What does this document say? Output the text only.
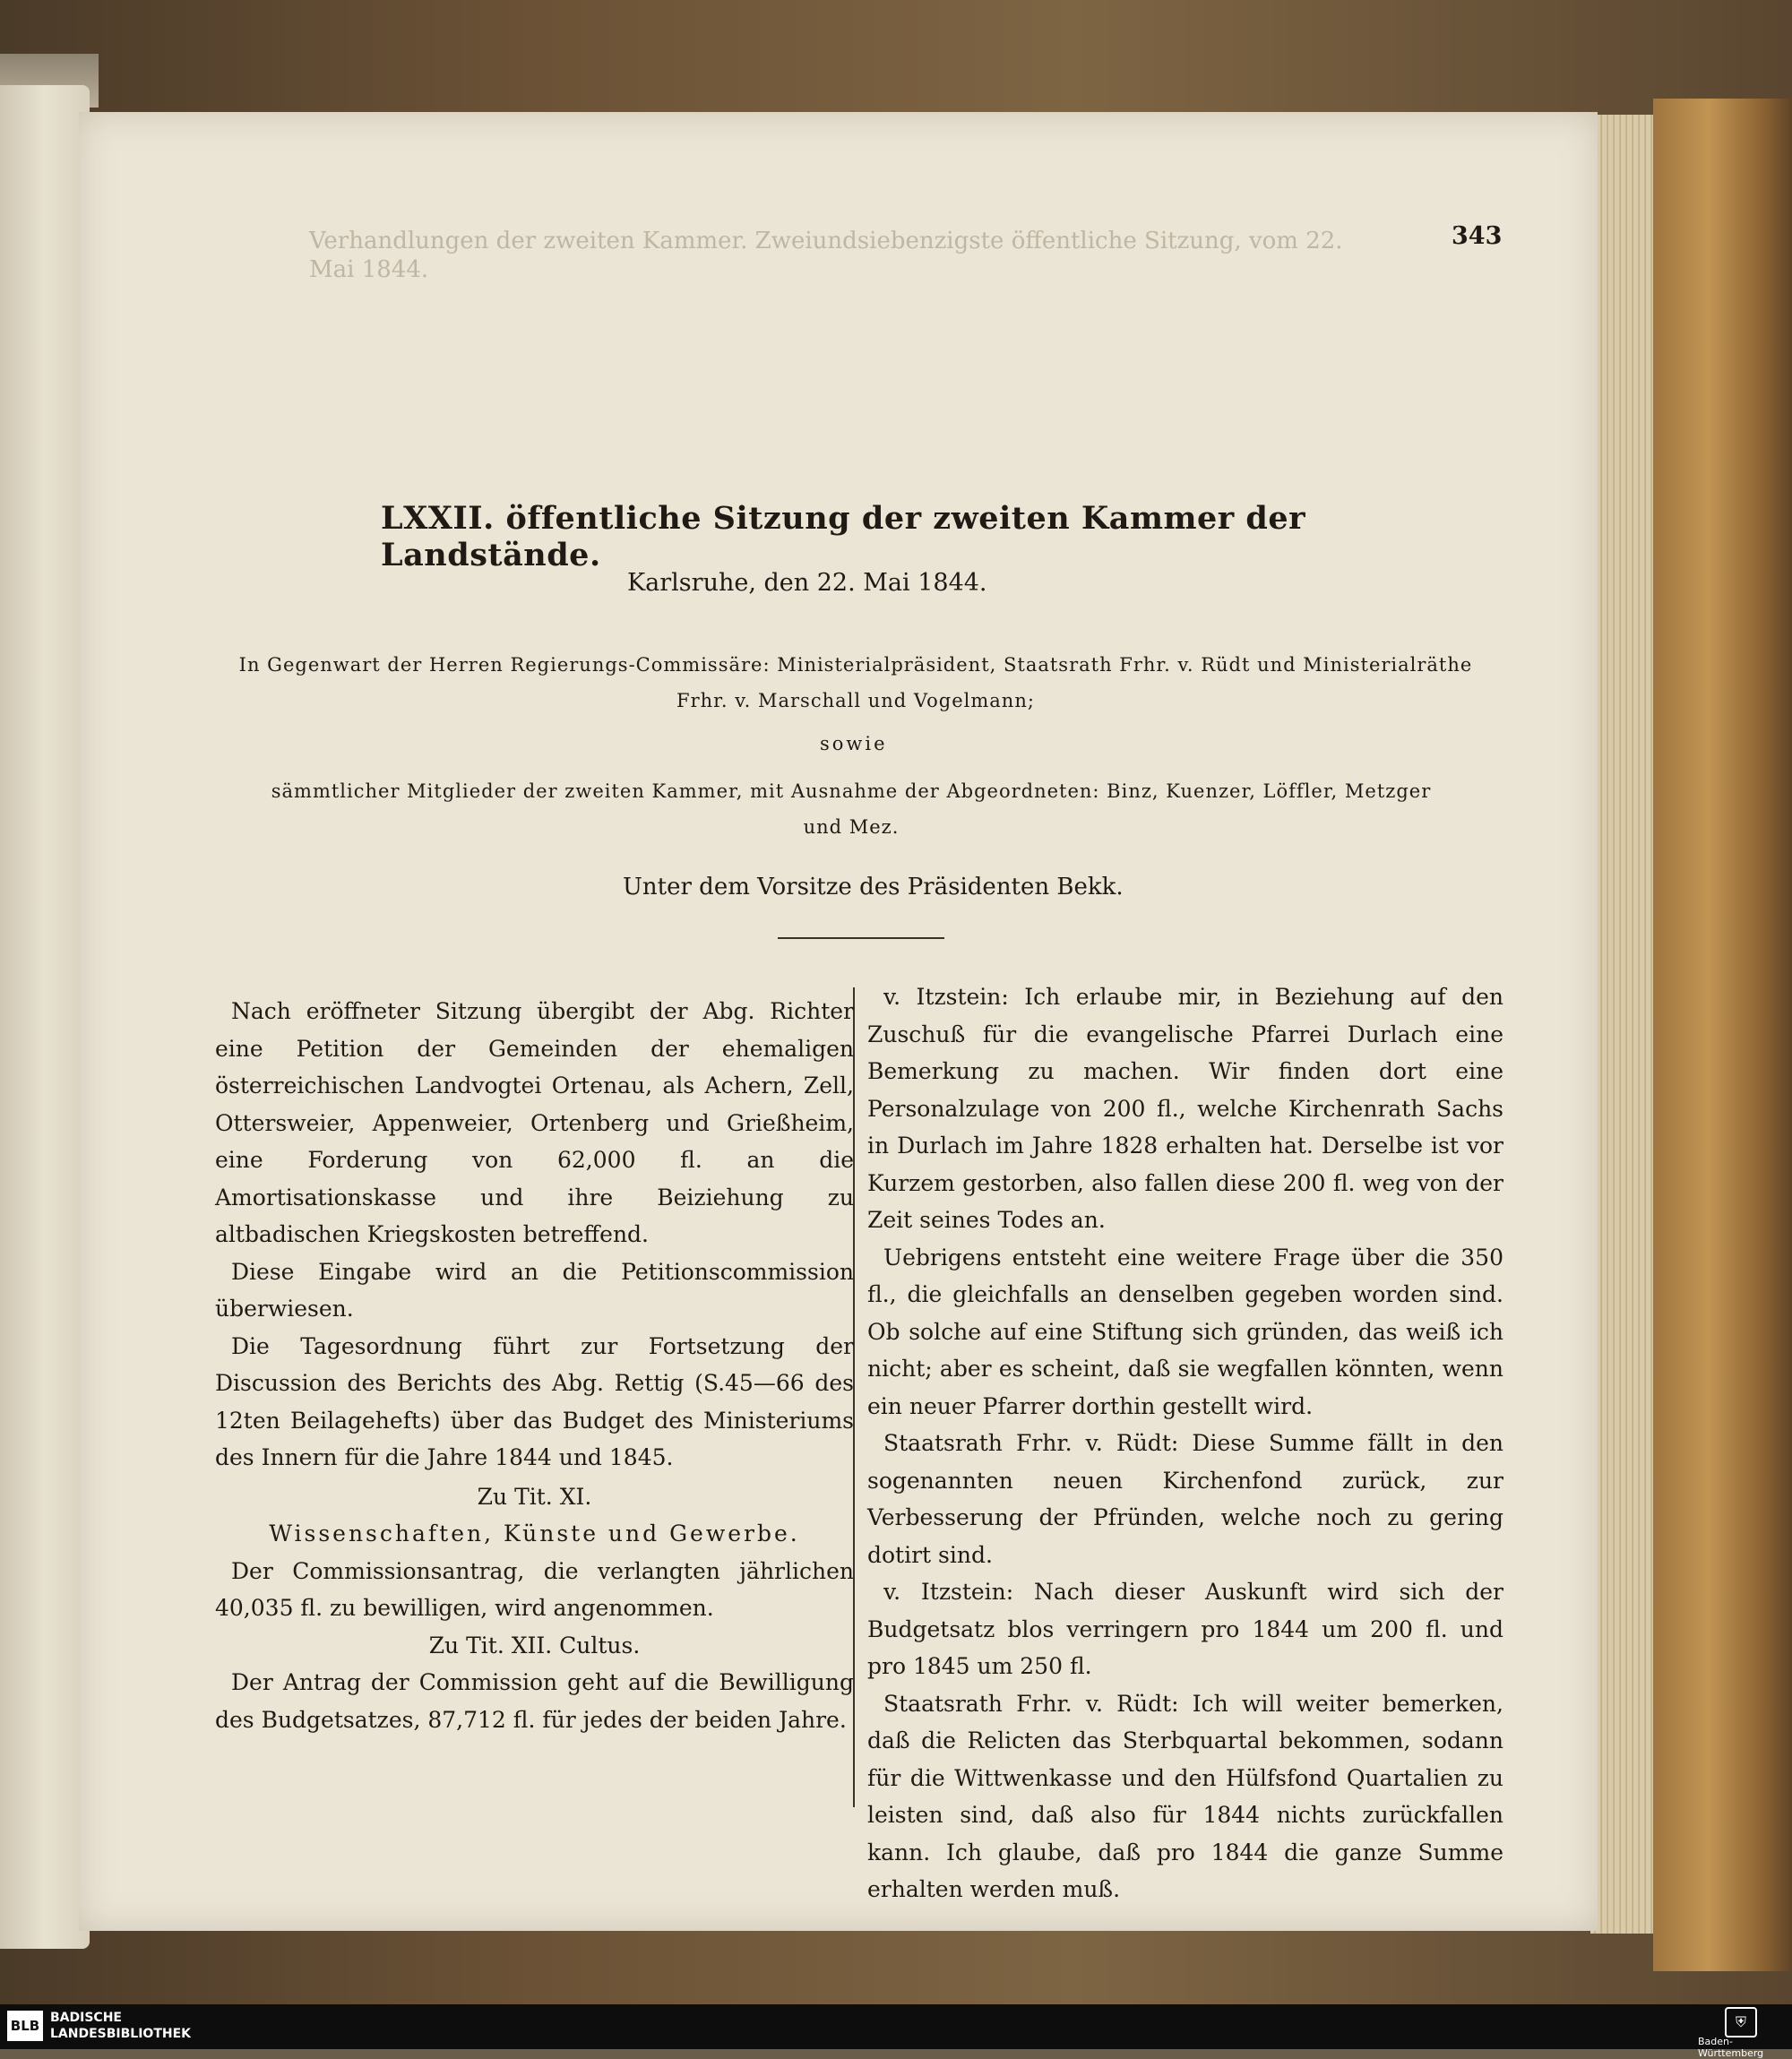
Verhandlungen der zweiten Kammer. Zweiundsiebenzigste öffentliche Sitzung, vom 22. Mai 1844.
343
LXXII. öffentliche Sitzung der zweiten Kammer der Landstände.
Karlsruhe, den 22. Mai 1844.
In Gegenwart der Herren Regierungs-Commissäre: Ministerialpräsident, Staatsrath Frhr. v. Rüdt und Ministerialräthe Frhr. v. Marschall und Vogelmann;
sowie
sämmtlicher Mitglieder der zweiten Kammer, mit Ausnahme der Abgeordneten: Binz, Kuenzer, Löffler, Metzger und Mez.
Unter dem Vorsitze des Präsidenten Bekk.

Nach eröffneter Sitzung übergibt der Abg. Richter eine Petition der Gemeinden der ehemaligen österreichischen Landvogtei Ortenau, als Achern, Zell, Ottersweier, Appenweier, Ortenberg und Grießheim, eine Forderung von 62,000 fl. an die Amortisationskasse und ihre Beiziehung zu altbadischen Kriegskosten betreffend.

Diese Eingabe wird an die Petitionscommission überwiesen.

Die Tagesordnung führt zur Fortsetzung der Discussion des Berichts des Abg. Rettig (S.45—66 des 12ten Beilagehefts) über das Budget des Ministeriums des Innern für die Jahre 1844 und 1845.

Zu Tit. XI.

Wissenschaften, Künste und Gewerbe.

Der Commissionsantrag, die verlangten jährlichen 40,035 fl. zu bewilligen, wird angenommen.

Zu Tit. XII. Cultus.

Der Antrag der Commission geht auf die Bewilligung des Budgetsatzes, 87,712 fl. für jedes der beiden Jahre.

v. Itzstein: Ich erlaube mir, in Beziehung auf den Zuschuß für die evangelische Pfarrei Durlach eine Bemerkung zu machen. Wir finden dort eine Personalzulage von 200 fl., welche Kirchenrath Sachs in Durlach im Jahre 1828 erhalten hat. Derselbe ist vor Kurzem gestorben, also fallen diese 200 fl. weg von der Zeit seines Todes an.

Uebrigens entsteht eine weitere Frage über die 350 fl., die gleichfalls an denselben gegeben worden sind. Ob solche auf eine Stiftung sich gründen, das weiß ich nicht; aber es scheint, daß sie wegfallen könnten, wenn ein neuer Pfarrer dorthin gestellt wird.

Staatsrath Frhr. v. Rüdt: Diese Summe fällt in den sogenannten neuen Kirchenfond zurück, zur Verbesserung der Pfründen, welche noch zu gering dotirt sind.

v. Itzstein: Nach dieser Auskunft wird sich der Budgetsatz blos verringern pro 1844 um 200 fl. und pro 1845 um 250 fl.

Staatsrath Frhr. v. Rüdt: Ich will weiter bemerken, daß die Relicten das Sterbquartal bekommen, sodann für die Wittwenkasse und den Hülfsfond Quartalien zu leisten sind, daß also für 1844 nichts zurückfallen kann. Ich glaube, daß pro 1844 die ganze Summe erhalten werden muß.

BLB BADISCHE
LANDESBIBLIOTHEK
⛨
Baden-Württemberg
